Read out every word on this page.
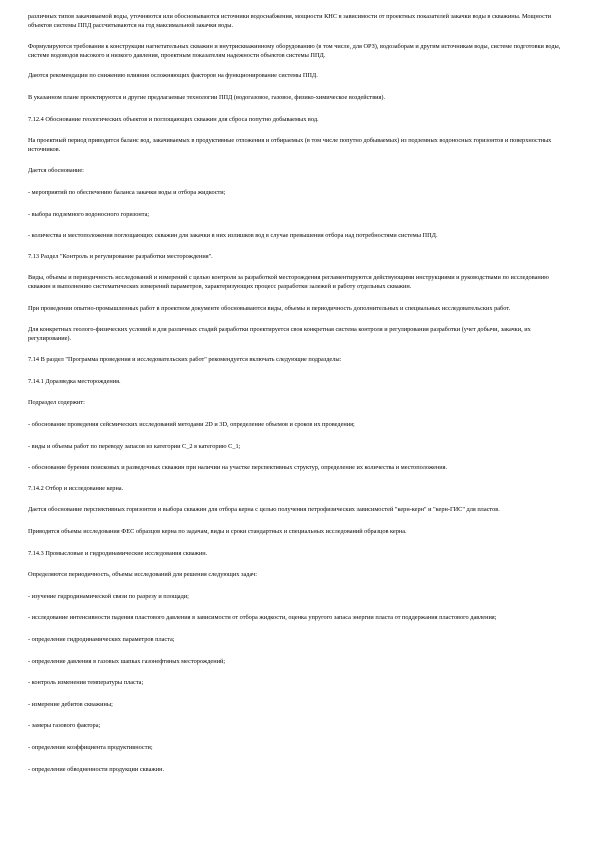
различных типов закачиваемой воды, уточняются или обосновываются источники водоснабжения, мощности КНС в зависимости от проектных показателей закачки воды в скважины. Мощности объектов системы ППД рассчитываются на год максимальной закачки воды.

Формулируются требования к конструкции нагнетательных скважин и внутрискважинному оборудованию (в том числе, для ОРЗ), водозаборам и другим источникам воды, системе подготовки воды, системе водоводов высокого и низкого давления, проектным показателям надежности объектов системы ППД.

Даются рекомендации по снижению влияния осложняющих факторов на функционирование системы ППД.

В указанном плане проектируются и другие предлагаемые технологии ППД (водогазовое, газовое, физико-химическое воздействия).

7.12.4 Обоснование геологических объектов и поглощающих скважин для сброса попутно добываемых вод.

На проектный период приводится баланс вод, закачиваемых в продуктивные отложения и отбираемых (в том числе попутно добываемых) из подземных водоносных горизонтов и поверхностных источников.

Дается обоснование:

- мероприятий по обеспечению баланса закачки воды и отбора жидкости;

- выбора подземного водоносного горизонта;

- количества и местоположения поглощающих скважин для закачки в них излишков вод в случае превышения отбора над потребностями системы ППД.

7.13 Раздел "Контроль и регулирование разработки месторождения".

Виды, объемы и периодичность исследований и измерений с целью контроля за разработкой месторождения регламентируются действующими инструкциями и руководствами по исследованию скважин и выполнению систематических измерений параметров, характеризующих процесс разработки залежей и работу отдельных скважин.

При проведении опытно-промышленных работ в проектном документе обосновываются виды, объемы и периодичность дополнительных и специальных исследовательских работ.

Для конкретных геолого-физических условий и для различных стадий разработки проектируется своя конкретная система контроля и регулирования разработки (учет добычи, закачки, их регулирование).

7.14 В раздел "Программа проведения и исследовательских работ" рекомендуется включать следующие подразделы:

7.14.1 Доразведка месторождения.

Подраздел содержит:

- обоснование проведения сейсмических исследований методами 2D и 3D, определение объемов и сроков их проведения;

- виды и объемы работ по переводу запасов из категории C_2 в категорию C_1;

- обоснование бурения поисковых и разведочных скважин при наличии на участке перспективных структур, определение их количества и местоположения.

7.14.2 Отбор и исследование керна.

Дается обоснование перспективных горизонтов и выбора скважин для отбора керна с целью получения петрофизических зависимостей "керн-керн" и "керн-ГИС" для пластов.

Приводятся объемы исследования ФЕС образцов керна по задачам, виды и сроки стандартных и специальных исследований образцов керна.

7.14.3 Промысловые и гидродинамические исследования скважин.

Определяются периодичность, объемы исследований для решения следующих задач:

- изучение гидродинамической связи по разрезу и площади;

- исследование интенсивности падения пластового давления в зависимости от отбора жидкости, оценка упругого запаса энергии пласта от поддержания пластового давления;

- определение гидродинамических параметров пласта;

- определение давления в газовых шапках газонефтяных месторождений;

- контроль изменения температуры пласта;

- измерение дебитов скважины;

- замеры газового фактора;

- определение коэффициента продуктивности;

- определение обводненности продукции скважин.
